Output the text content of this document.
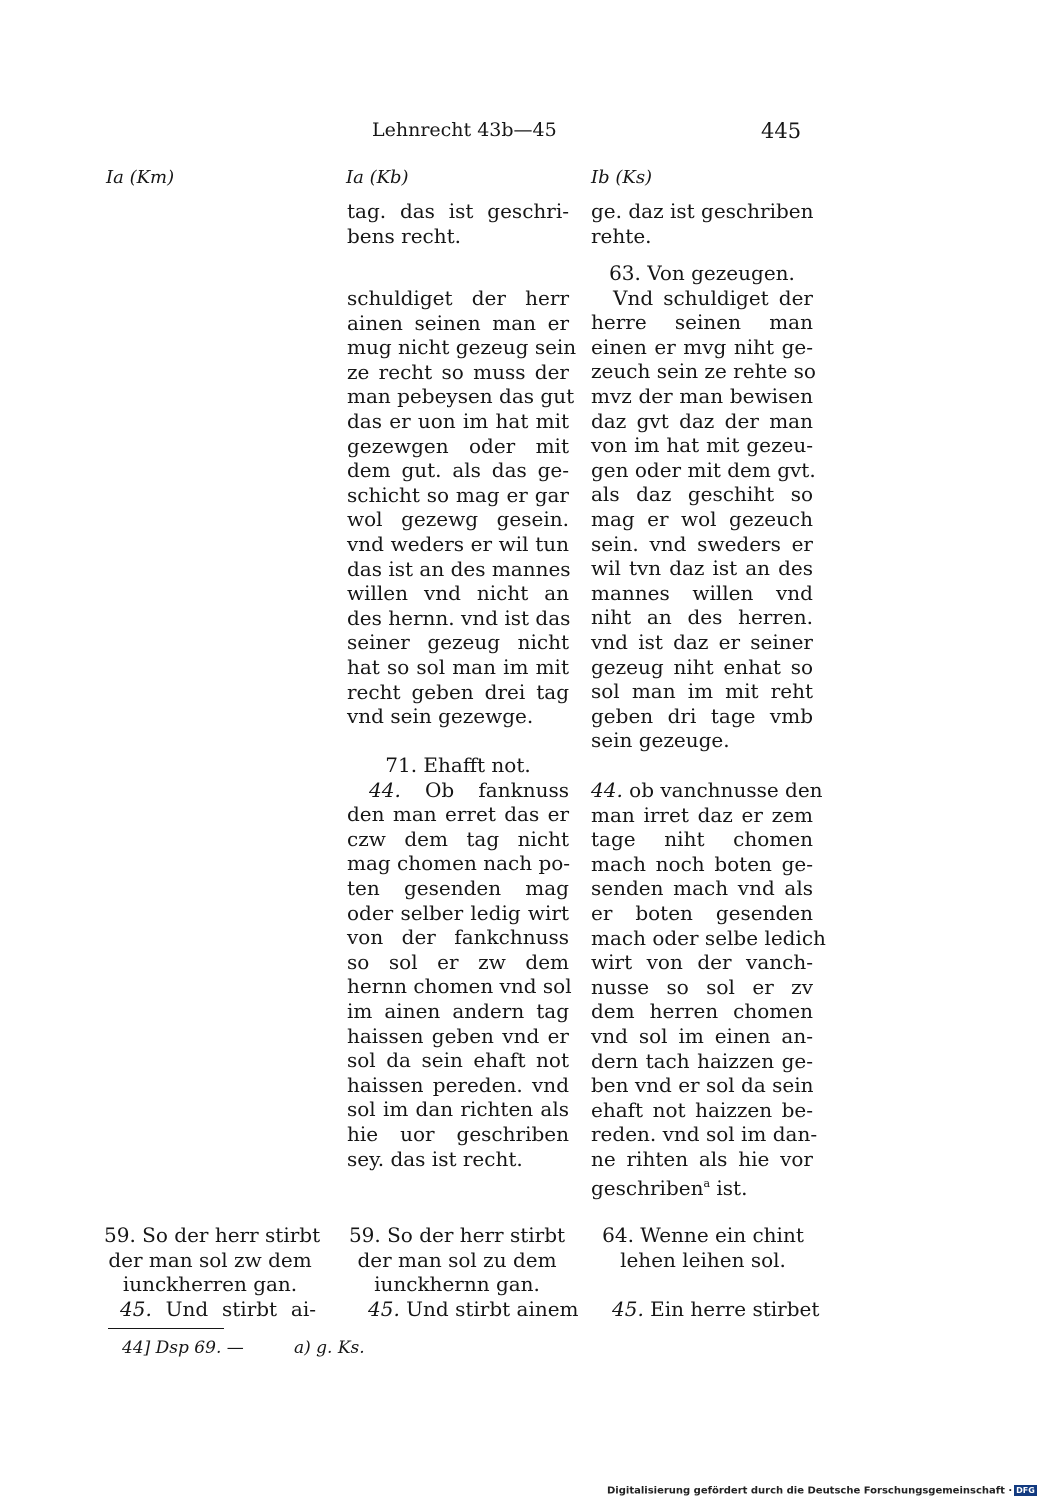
Lehnrecht 43b—45	445
Ia (Km)	Ia (Kb)	Ib (Ks)
tag. das ist geschri-
bens recht.
schuldiget der herr
ainen seinen man er
mug nicht gezeug sein
ze recht so muss der
man pebeysen das gut
das er uon im hat mit
gezewgen oder mit
dem gut. als das ge-
schicht so mag er gar
wol gezewg gesein.
vnd weders er wil tun
das ist an des mannes
willen vnd nicht an
des hernn. vnd ist das
seiner gezeug nicht
hat so sol man im mit
recht geben drei tag
vnd sein gezewge.
71. Ehafft not.
44. Ob fanknuss
den man erret das er
czw dem tag nicht
mag chomen nach po-
ten gesenden mag
oder selber ledig wirt
von der fankchnuss
so sol er zw dem
hernn chomen vnd sol
im ainen andern tag
haissen geben vnd er
sol da sein ehaft not
haissen pereden. vnd
sol im dan richten als
hie uor geschriben
sey. das ist recht.
59. So der herr stirbt
der man sol zu dem
iunckhernn gan.
45. Und stirbt ainem
ge. daz ist geschriben
rehte.
63. Von gezeugen.
Vnd schuldiget der
herre seinen man
einen er mvg niht ge-
zeuch sein ze rehte so
mvz der man bewisen
daz gvt daz der man
von im hat mit gezeu-
gen oder mit dem gvt.
als daz geschiht so
mag er wol gezeuch
sein. vnd sweders er
wil tvn daz ist an des
mannes willen vnd
niht an des herren.
vnd ist daz er seiner
gezeug niht enhat so
sol man im mit reht
geben dri tage vmb
sein gezeuge.
44. ob vanchnusse den
man irret daz er zem
tage niht chomen
mach noch boten ge-
senden mach vnd als
er boten gesenden
mach oder selbe ledich
wirt von der vanch-
nusse so sol er zv
dem herren chomen
vnd sol im einen an-
dern tach haizzen ge-
ben vnd er sol da sein
ehaft not haizzen be-
reden. vnd sol im dan-
ne rihten als hie vor
geschriben$^a$ ist.
64. Wenne ein chint
lehen leihen sol.
45. Ein herre stirbet
59. So der herr stirbt
der man sol zw dem
iunckherren gan.
45. Und stirbt ai-
44] Dsp 69. —	a) g. Ks.
Digitalisierung gefördert durch die Deutsche Forschungsgemeinschaft · DFG
